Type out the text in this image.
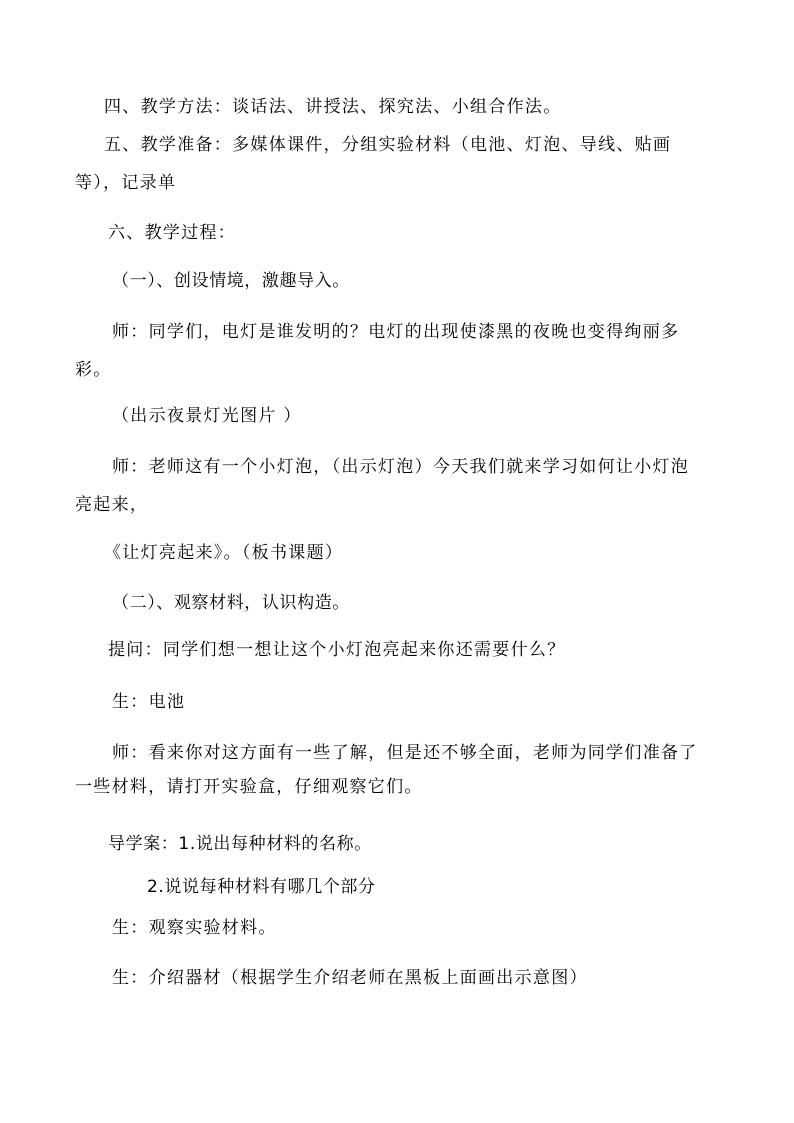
四、教学方法：谈话法、讲授法、探究法、小组合作法。
五、教学准备：多媒体课件，分组实验材料（电池、灯泡、导线、贴画
等），记录单
六、教学过程：
（一）、创设情境，激趣导入。
师：同学们，电灯是谁发明的？电灯的出现使漆黑的夜晚也变得绚丽多
彩。
（出示夜景灯光图片 ）
师：老师这有一个小灯泡，（出示灯泡）今天我们就来学习如何让小灯泡
亮起来，
《让灯亮起来》。（板书课题）
（二）、观察材料，认识构造。
提问：同学们想一想让这个小灯泡亮起来你还需要什么？
生：电池
师：看来你对这方面有一些了解，但是还不够全面，老师为同学们准备了
一些材料，请打开实验盒，仔细观察它们。
导学案：1.说出每种材料的名称。
2.说说每种材料有哪几个部分
生：观察实验材料。
生：介绍器材（根据学生介绍老师在黑板上面画出示意图）
